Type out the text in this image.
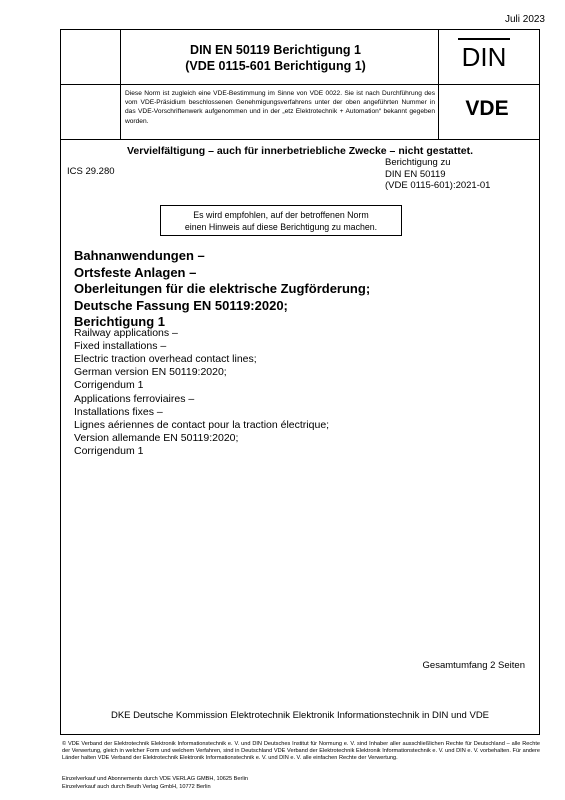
Juli 2023
DIN EN 50119 Berichtigung 1
(VDE 0115-601 Berichtigung 1)	DIN
Diese Norm ist zugleich eine VDE-Bestimmung im Sinne von VDE 0022. Sie ist nach Durchführung des vom VDE-Präsidium beschlossenen Genehmigungsverfahrens unter der oben angeführten Nummer in das VDE-Vorschriftenwerk aufgenommen und in der „etz Elektrotechnik + Automation“ bekannt gegeben worden.
VDE
Vervielfältigung – auch für innerbetriebliche Zwecke – nicht gestattet.
ICS 29.280
Berichtigung zu
DIN EN 50119
(VDE 0115-601):2021-01
Es wird empfohlen, auf der betroffenen Norm
einen Hinweis auf diese Berichtigung zu machen.
Bahnanwendungen –
Ortsfeste Anlagen –
Oberleitungen für die elektrische Zugförderung;
Deutsche Fassung EN 50119:2020;
Berichtigung 1
Railway applications –
Fixed installations –
Electric traction overhead contact lines;
German version EN 50119:2020;
Corrigendum 1
Applications ferroviaires –
Installations fixes –
Lignes aériennes de contact pour la traction électrique;
Version allemande EN 50119:2020;
Corrigendum 1
Gesamtumfang 2 Seiten
DKE Deutsche Kommission Elektrotechnik Elektronik Informationstechnik in DIN und VDE
© VDE Verband der Elektrotechnik Elektronik Informationstechnik e. V. und DIN Deutsches Institut für Normung e. V. sind Inhaber aller ausschließlichen Rechte für Deutschland – alle Rechte der Verwertung, gleich in welcher Form und welchem Verfahren, sind in Deutschland VDE Verband der Elektrotechnik Elektronik Informationstechnik e. V. und DIN e. V. vorbehalten. Für andere Länder halten VDE Verband der Elektrotechnik Elektronik Informationstechnik e. V. und DIN e. V. alle einfachen Rechte der Verwertung.
Einzelverkauf und Abonnements durch VDE VERLAG GMBH, 10625 Berlin
Einzelverkauf auch durch Beuth Verlag GmbH, 10772 Berlin
